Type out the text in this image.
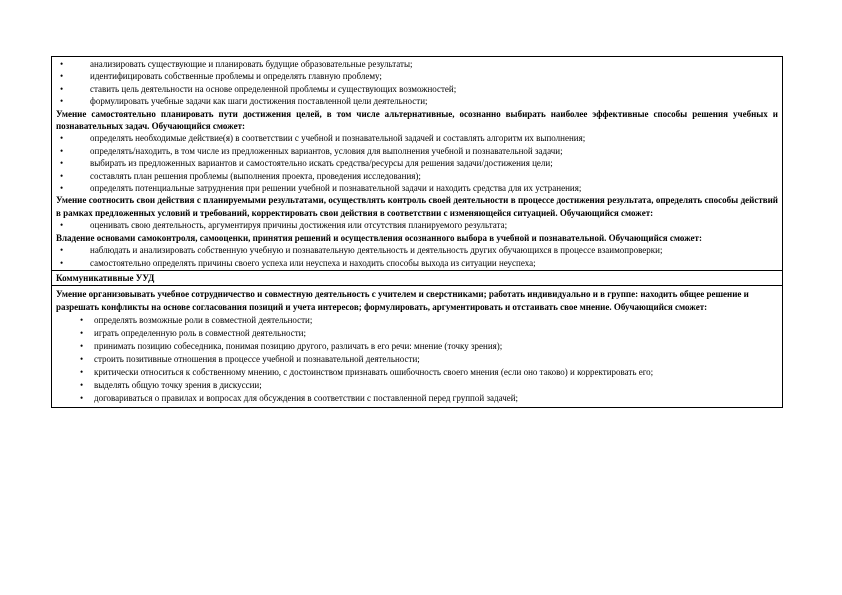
• анализировать существующие и планировать будущие образовательные результаты;
• идентифицировать собственные проблемы и определять главную проблему;
• ставить цель деятельности на основе определенной проблемы и существующих возможностей;
• формулировать учебные задачи как шаги достижения поставленной цели деятельности;
Умение самостоятельно планировать пути достижения целей, в том числе альтернативные, осознанно выбирать наиболее эффективные способы решения учебных и познавательных задач. Обучающийся сможет:
• определять необходимые действие(я) в соответствии с учебной и познавательной задачей и составлять алгоритм их выполнения;
• определять/находить, в том числе из предложенных вариантов, условия для выполнения учебной и познавательной задачи;
• выбирать из предложенных вариантов и самостоятельно искать средства/ресурсы для решения задачи/достижения цели;
• составлять план решения проблемы (выполнения проекта, проведения исследования);
• определять потенциальные затруднения при решении учебной и познавательной задачи и находить средства для их устранения;
Умение соотносить свои действия с планируемыми результатами, осуществлять контроль своей деятельности в процессе достижения результата, определять способы действий в рамках предложенных условий и требований, корректировать свои действия в соответствии с изменяющейся ситуацией. Обучающийся сможет:
• оценивать свою деятельность, аргументируя причины достижения или отсутствия планируемого результата;
Владение основами самоконтроля, самооценки, принятия решений и осуществления осознанного выбора в учебной и познавательной. Обучающийся сможет:
• наблюдать и анализировать собственную учебную и познавательную деятельность и деятельность других обучающихся в процессе взаимопроверки;
• самостоятельно определять причины своего успеха или неуспеха и находить способы выхода из ситуации неуспеха;
Коммуникативные УУД
Умение организовывать учебное сотрудничество и совместную деятельность с учителем и сверстниками; работать индивидуально и в группе: находить общее решение и разрешать конфликты на основе согласования позиций и учета интересов; формулировать, аргументировать и отстаивать свое мнение. Обучающийся сможет:
• определять возможные роли в совместной деятельности;
• играть определенную роль в совместной деятельности;
• принимать позицию собеседника, понимая позицию другого, различать в его речи: мнение (точку зрения);
• строить позитивные отношения в процессе учебной и познавательной деятельности;
• критически относиться к собственному мнению, с достоинством признавать ошибочность своего мнения (если оно таково) и корректировать его;
• выделять общую точку зрения в дискуссии;
• договариваться о правилах и вопросах для обсуждения в соответствии с поставленной перед группой задачей;
